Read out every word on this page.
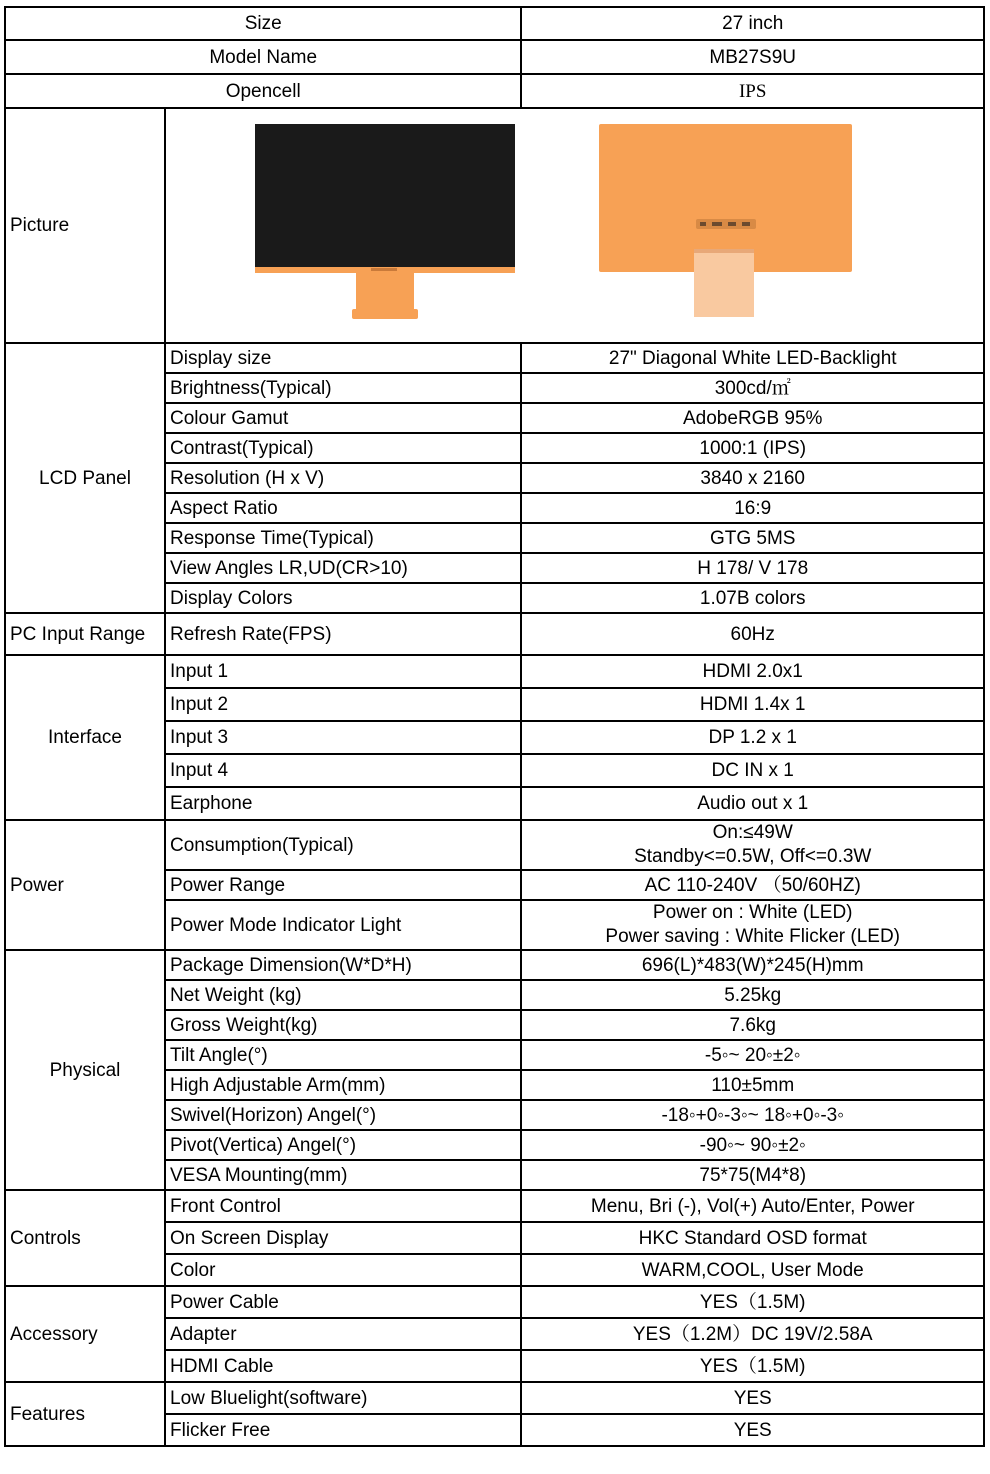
Size		27 inch
Model Name		MB27S9U
Opencell		IPS
Picture	
LCD Panel	Display size	27" Diagonal White LED-Backlight
	Brightness(Typical)	300cd/㎡
	Colour Gamut	AdobeRGB 95%
	Contrast(Typical)	1000:1 (IPS)
	Resolution (H x V)	3840 x 2160
	Aspect Ratio	16:9
	Response Time(Typical)	GTG 5MS
	View Angles LR,UD(CR>10)	H 178/ V 178
	Display Colors	1.07B colors
PC Input Range	Refresh Rate(FPS)	60Hz
Interface	Input 1	HDMI 2.0x1
	Input 2	HDMI 1.4x 1
	Input 3	DP 1.2 x 1
	Input 4	DC IN x 1
	Earphone	Audio out x 1
Power	Consumption(Typical)	On:≤49W
Standby<=0.5W, Off<=0.3W

	Power Range	AC 110-240V （50/60HZ)
	Power Mode Indicator Light	Power on : White (LED)
Power saving : White Flicker (LED)

Physical	Package Dimension(W*D*H)	696(L)*483(W)*245(H)mm
	Net Weight (kg)	5.25kg
	Gross Weight(kg)	7.6kg
	Tilt Angle(°)	-5◦~ 20◦±2◦
	High Adjustable Arm(mm)	110±5mm
	Swivel(Horizon) Angel(°)	-18◦+0◦-3◦~ 18◦+0◦-3◦
	Pivot(Vertica) Angel(°)	-90◦~ 90◦±2◦
	VESA Mounting(mm)	75*75(M4*8)
Controls	Front Control	Menu, Bri (-), Vol(+) Auto/Enter, Power
	On Screen Display	HKC Standard OSD format
	Color	WARM,COOL, User Mode
Accessory	Power Cable	YES（1.5M)
	Adapter	YES（1.2M）DC 19V/2.58A
	HDMI Cable	YES（1.5M)
Features	Low Bluelight(software)	YES
	Flicker Free	YES
